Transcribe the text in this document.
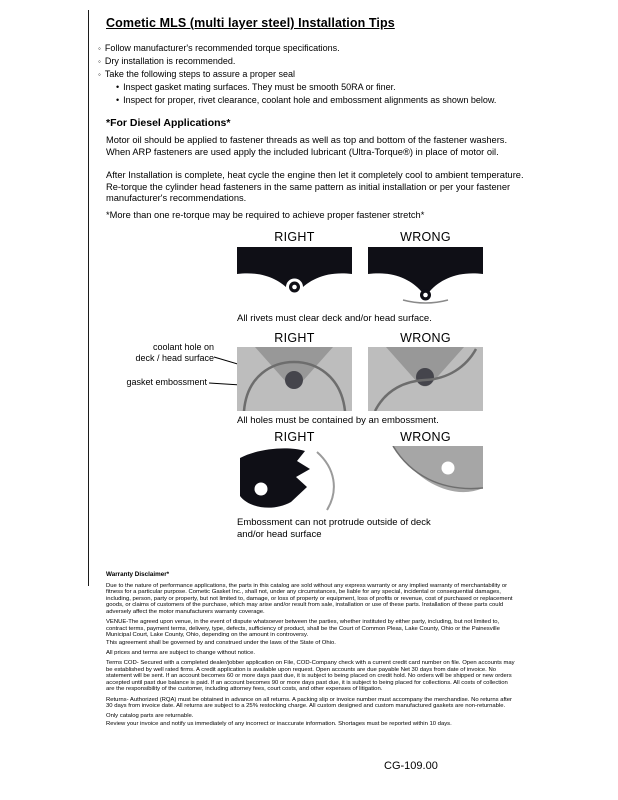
Cometic MLS (multi layer steel) Installation Tips
◦ Follow manufacturer's recommended torque specifications.
◦ Dry installation is recommended.
◦ Take the following steps to assure a proper seal
• Inspect gasket mating surfaces. They must be smooth 50RA or finer.
• Inspect for proper, rivet clearance, coolant hole and embossment alignments as shown below.
*For Diesel Applications*

Motor oil should be applied to fastener threads as well as top and bottom of the fastener washers. When ARP fasteners are used apply the included lubricant (Ultra-Torque®) in place of motor oil.

After Installation is complete, heat cycle the engine then let it completely cool to ambient temperature. Re-torque the cylinder head fasteners in the same pattern as initial installation or per your fastener manufacturer's recommendations.

*More than one re-torque may be required to achieve proper fastener stretch*
RIGHT	WRONG
All rivets must clear deck and/or head surface.
RIGHT	WRONG
coolant hole on
deck / head surface
gasket embossment
All holes must be contained by an embossment.
RIGHT	WRONG
Embossment can not protrude outside of deck
and/or head surface
Warranty Disclaimer*

Due to the nature of performance applications, the parts in this catalog are sold without any express warranty or any implied warranty of merchantability or fitness for a particular purpose. Cometic Gasket Inc., shall not, under any circumstances, be liable for any special, incidental or consequential damages, including, person, party or property, but not limited to, damage, or loss of property or equipment, loss of profits or revenue, cost of purchased or replacement goods, or claims of customers of the purchase, which may arise and/or result from sale, installation or use of these parts. Installation of these parts could adversely affect the motor manufacturers warranty coverage.

VENUE-The agreed upon venue, in the event of dispute whatsoever between the parties, whether instituted by either party, including, but not limited to, contract terms, payment terms, delivery, type, defects, sufficiency of product, shall be the Court of Common Pleas, Lake County, Ohio or the Painesville Municipal Court, Lake County, Ohio, depending on the amount in controversy.

This agreement shall be governed by and construed under the laws of the State of Ohio.

All prices and terms are subject to change without notice.

Terms COD- Secured with a completed dealer/jobber application on File, COD-Company check with a current credit card number on file. Open accounts may be established by well rated firms. A credit application is available upon request. Open accounts are due payable Net 30 days from date of invoice. No statement will be sent. If an account becomes 60 or more days past due, it is subject to being placed on credit hold. No orders will be shipped or new orders accepted until past due balance is paid. If an account becomes 90 or more days past due, it is subject to being placed for collections. All costs of collection are the responsibility of the customer, including attorney fees, court costs, and other expenses of litigation.

Returns- Authorized (RQA) must be obtained in advance on all returns. A packing slip or invoice number must accompany the merchandise. No returns after 30 days from invoice date. All returns are subject to a 25% restocking charge. All custom designed and custom manufactured gaskets are non-returnable.

Only catalog parts are returnable.

Review your invoice and notify us immediately of any incorrect or inaccurate information. Shortages must be reported within 10 days.

CG-109.00
